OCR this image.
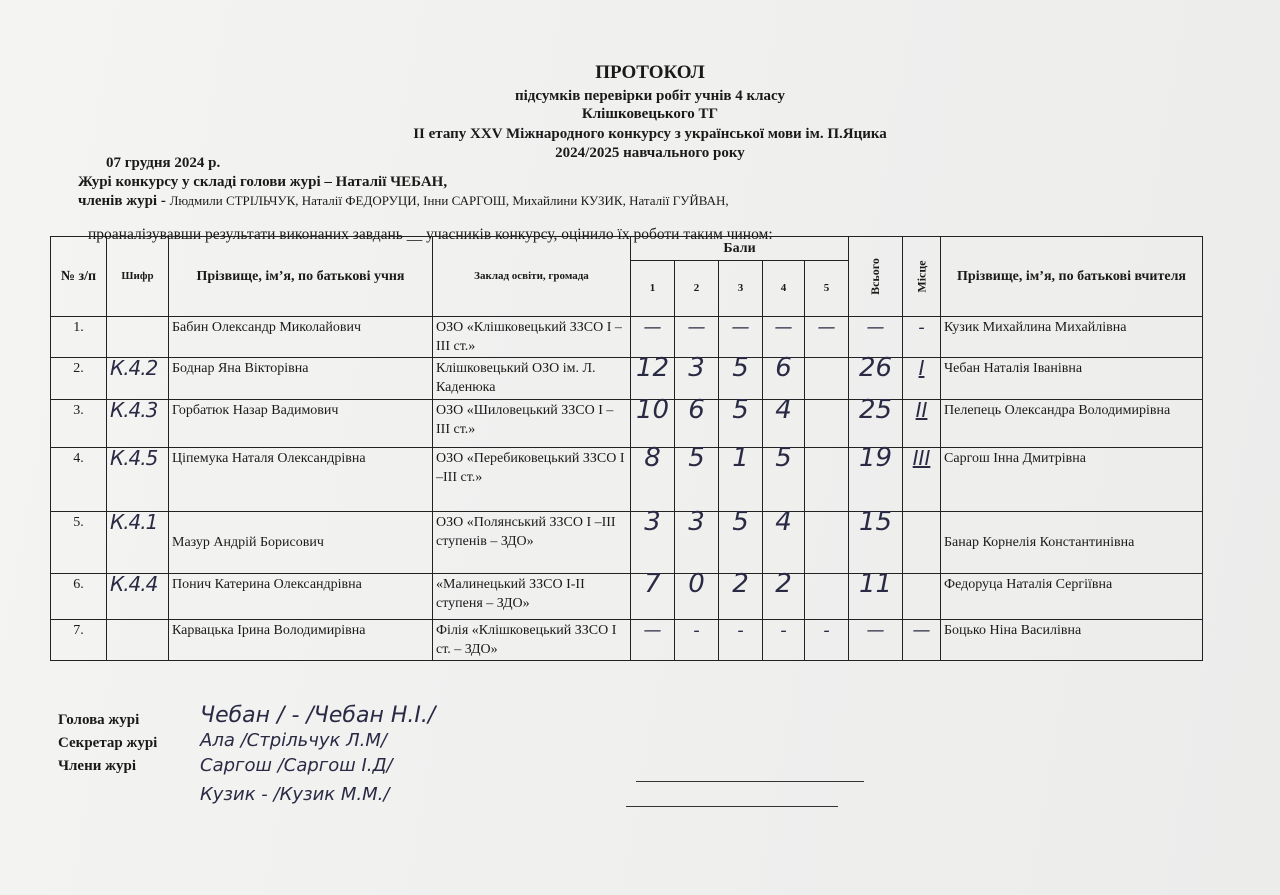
ПРОТОКОЛ
підсумків перевірки робіт учнів 4 класу
Клішковецького ТГ
ІІ етапу XXV Міжнародного конкурсу з української мови ім. П.Яцика
2024/2025 навчального року
07 грудня 2024 р.
Журі конкурсу у складі голови журі – Наталії ЧЕБАН,
членів журі - Людмили СТРІЛЬЧУК, Наталії ФЕДОРУЦИ, Інни САРГОШ, Михайлини КУЗИК, Наталії ГУЙВАН,
проаналізувавши результати виконаних завдань __ учасників конкурсу, оцінило їх роботи таким чином:
№ з/п	Шифр	Прізвище, ім’я, по батькові учня	Заклад освіти, громада	Бали					Всього	Місце	Прізвище, ім’я, по батькові вчителя
				1	2	3	4	5			
1.		Бабин Олександр Миколайович	ОЗО «Клішковецький ЗЗСО І –ІІІ ст.»	—	—	—	—	—	—	-	Кузик Михайлина Михайлівна
2.	К.4.2	Боднар Яна Вікторівна	Клішковецький ОЗО ім. Л. Каденюка	12	3	5	6		26	І	Чебан Наталія Іванівна
3.	К.4.3	Горбатюк Назар Вадимович	ОЗО «Шиловецький ЗЗСО І –ІІІ ст.»	10	6	5	4		25	ІІ	Пелепець Олександра Володимирівна
4.	К.4.5	Ціпемука Наталя Олександрівна	ОЗО «Перебиковецький ЗЗСО І –ІІІ ст.»	8	5	1	5		19	ІІІ	Саргош Інна Дмитрівна
5.	К.4.1	Мазур Андрій Борисович	ОЗО «Полянський ЗЗСО І –ІІІ ступенів – ЗДО»	3	3	5	4		15		Банар Корнелія Константинівна
6.	К.4.4	Понич Катерина Олександрівна	«Малинецький ЗЗСО І-ІІ ступеня – ЗДО»	7	0	2	2		11		Федоруца Наталія Сергіївна
7.		Карвацька Ірина Володимирівна	Філія «Клішковецький ЗЗСО І ст. – ЗДО»	—	-	-	-	-	—	—	Боцько Ніна Василівна
Голова журі
Секретар журі
Члени журі
Чебан / - /Чебан Н.І./
Ала /Стрільчук Л.М/
Саргош /Саргош І.Д/
Кузик - /Кузик М.М./
